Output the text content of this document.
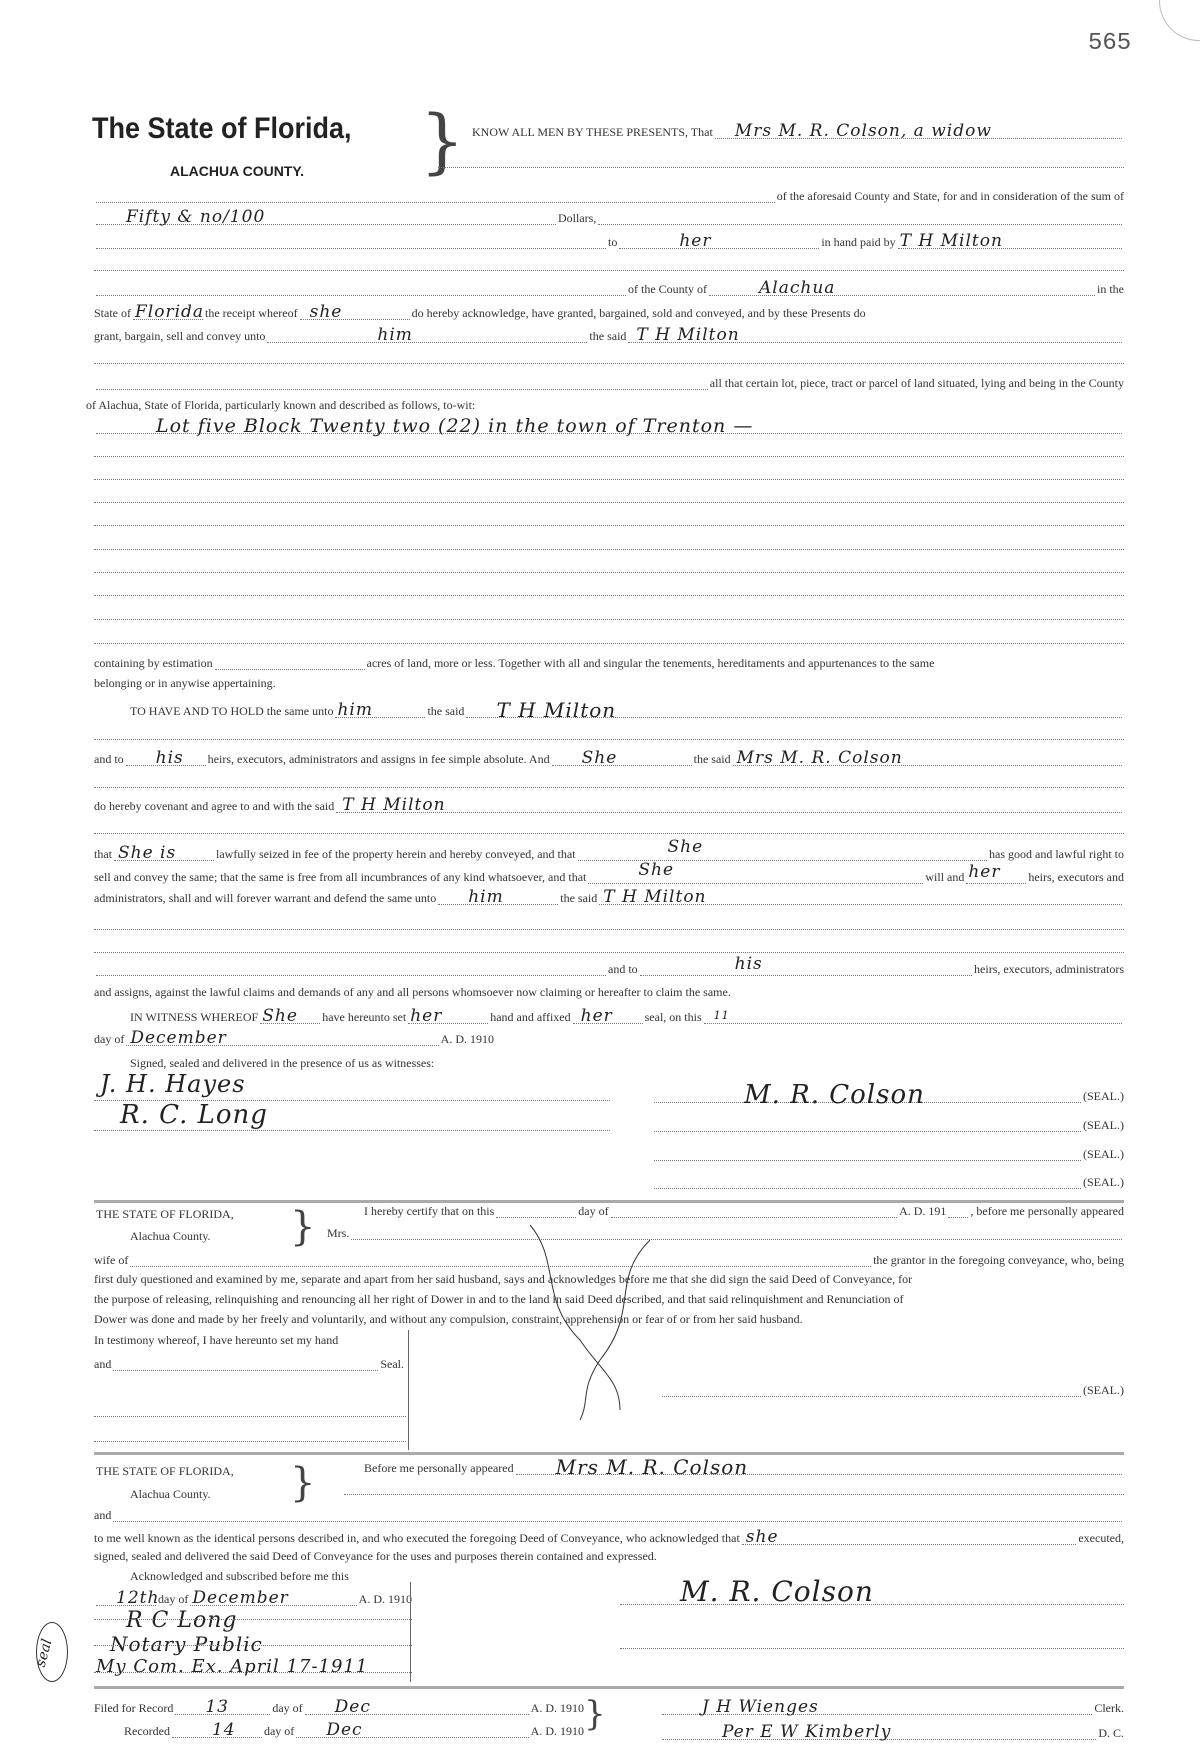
565
The State of Florida,
ALACHUA COUNTY. } KNOW ALL MEN BY THESE PRESENTS, That Mrs M. R. Colson, a widow
of the aforesaid County and State, for and in consideration of the sum of
Fifty & no/100	Dollars,
to	her	in hand paid by T H Milton
of the County of	Alachua	in the
State of Florida the receipt whereof she	do hereby acknowledge, have granted, bargained, sold and conveyed, and by these Presents do
grant, bargain, sell and convey unto	him	the said T H Milton
all that certain lot, piece, tract or parcel of land situated, lying and being in the County
of Alachua, State of Florida, particularly known and described as follows, to-wit:
Lot five Block Twenty two (22) in the town of Trenton —
containing by estimation	acres of land, more or less. Together with all and singular the tenements, hereditaments and appurtenances to the same
belonging or in anywise appertaining.
TO HAVE AND TO HOLD the same unto him	the said T H Milton
and to his heirs, executors, administrators and assigns in fee simple absolute. And She	the said Mrs M. R. Colson
do hereby covenant and agree to and with the said T H Milton
that She is	lawfully seized in fee of the property herein and hereby conveyed, and that	She	has good and lawful right to
sell and convey the same; that the same is free from all incumbrances of any kind whatsoever, and that	She	will and her heirs, executors and
administrators, shall and will forever warrant and defend the same unto him	the said T H Milton
and to	his	heirs, executors, administrators
and assigns, against the lawful claims and demands of any and all persons whomsoever now claiming or hereafter to claim the same.
IN WITNESS WHEREOF She have hereunto set her	hand and affixed her	seal, on this 11
day of December	A. D. 1910
Signed, sealed and delivered in the presence of us as witnesses:
J. H. Hayes
R. C. Long
M. R. Colson	(SEAL.)
(SEAL.)
(SEAL.)
(SEAL.)
THE STATE OF FLORIDA,
Alachua County. }	I hereby certify that on this	day of	A. D. 191 , before me personally appeared
Mrs.
wife of	the grantor in the foregoing conveyance, who, being
first duly questioned and examined by me, separate and apart from her said husband, says and acknowledges before me that she did sign the said Deed of Conveyance, for
the purpose of releasing, relinquishing and renouncing all her right of Dower in and to the land in said Deed described, and that said relinquishment and Renunciation of
Dower was done and made by her freely and voluntarily, and without any compulsion, constraint, apprehension or fear of or from her said husband.
In testimony whereof, I have hereunto set my hand
and	Seal.
(SEAL.)
THE STATE OF FLORIDA,
Alachua County. }	Before me personally appeared Mrs M. R. Colson
and
to me well known as the identical persons described in, and who executed the foregoing Deed of Conveyance, who acknowledged that she	executed,
signed, sealed and delivered the said Deed of Conveyance for the uses and purposes therein contained and expressed.
Acknowledged and subscribed before me this
12th
day of December	A. D. 1910
R C Long
Notary Public
My Com. Ex. April 17-1911
seal
M. R. Colson
Filed for Record 13	day of Dec	A. D. 1910
Recorded 14 day of Dec	A. D. 1910 }	J H Wienges	Clerk.
Per E W Kimberly	D. C.
